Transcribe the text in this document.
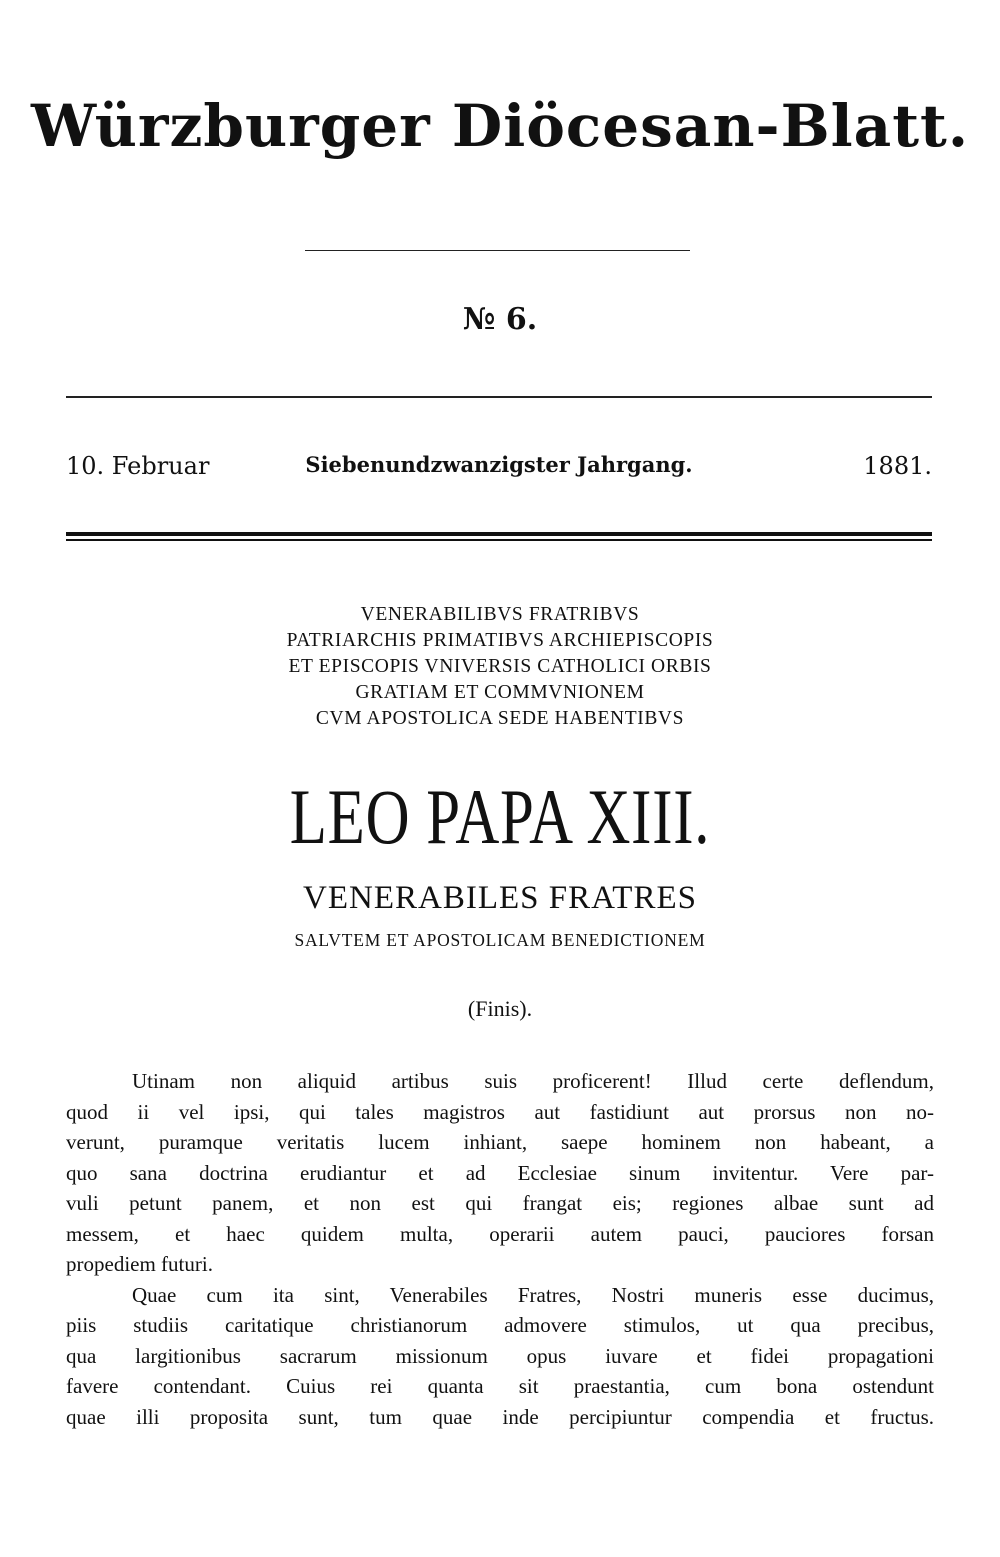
Würzburger Diöcesan-Blatt.
№ 6.
10. Februar	Siebenundzwanzigster Jahrgang.	1881.
VENERABILIBVS FRATRIBVS
PATRIARCHIS PRIMATIBVS ARCHIEPISCOPIS
ET EPISCOPIS VNIVERSIS CATHOLICI ORBIS
GRATIAM ET COMMVNIONEM
CVM APOSTOLICA SEDE HABENTIBVS
LEO PAPA XIII.
VENERABILES FRATRES
SALVTEM ET APOSTOLICAM BENEDICTIONEM
(Finis).
Utinam non aliquid artibus suis proficerent! Illud certe deflendum,
quod ii vel ipsi, qui tales magistros aut fastidiunt aut prorsus non no-
verunt, puramque veritatis lucem inhiant, saepe hominem non habeant, a
quo sana doctrina erudiantur et ad Ecclesiae sinum invitentur. Vere par-
vuli petunt panem, et non est qui frangat eis; regiones albae sunt ad
messem, et haec quidem multa, operarii autem pauci, pauciores forsan
propediem futuri.
Quae cum ita sint, Venerabiles Fratres, Nostri muneris esse ducimus,
piis studiis caritatique christianorum admovere stimulos, ut qua precibus,
qua largitionibus sacrarum missionum opus iuvare et fidei propagationi
favere contendant. Cuius rei quanta sit praestantia, cum bona ostendunt
quae illi proposita sunt, tum quae inde percipiuntur compendia et fructus.
